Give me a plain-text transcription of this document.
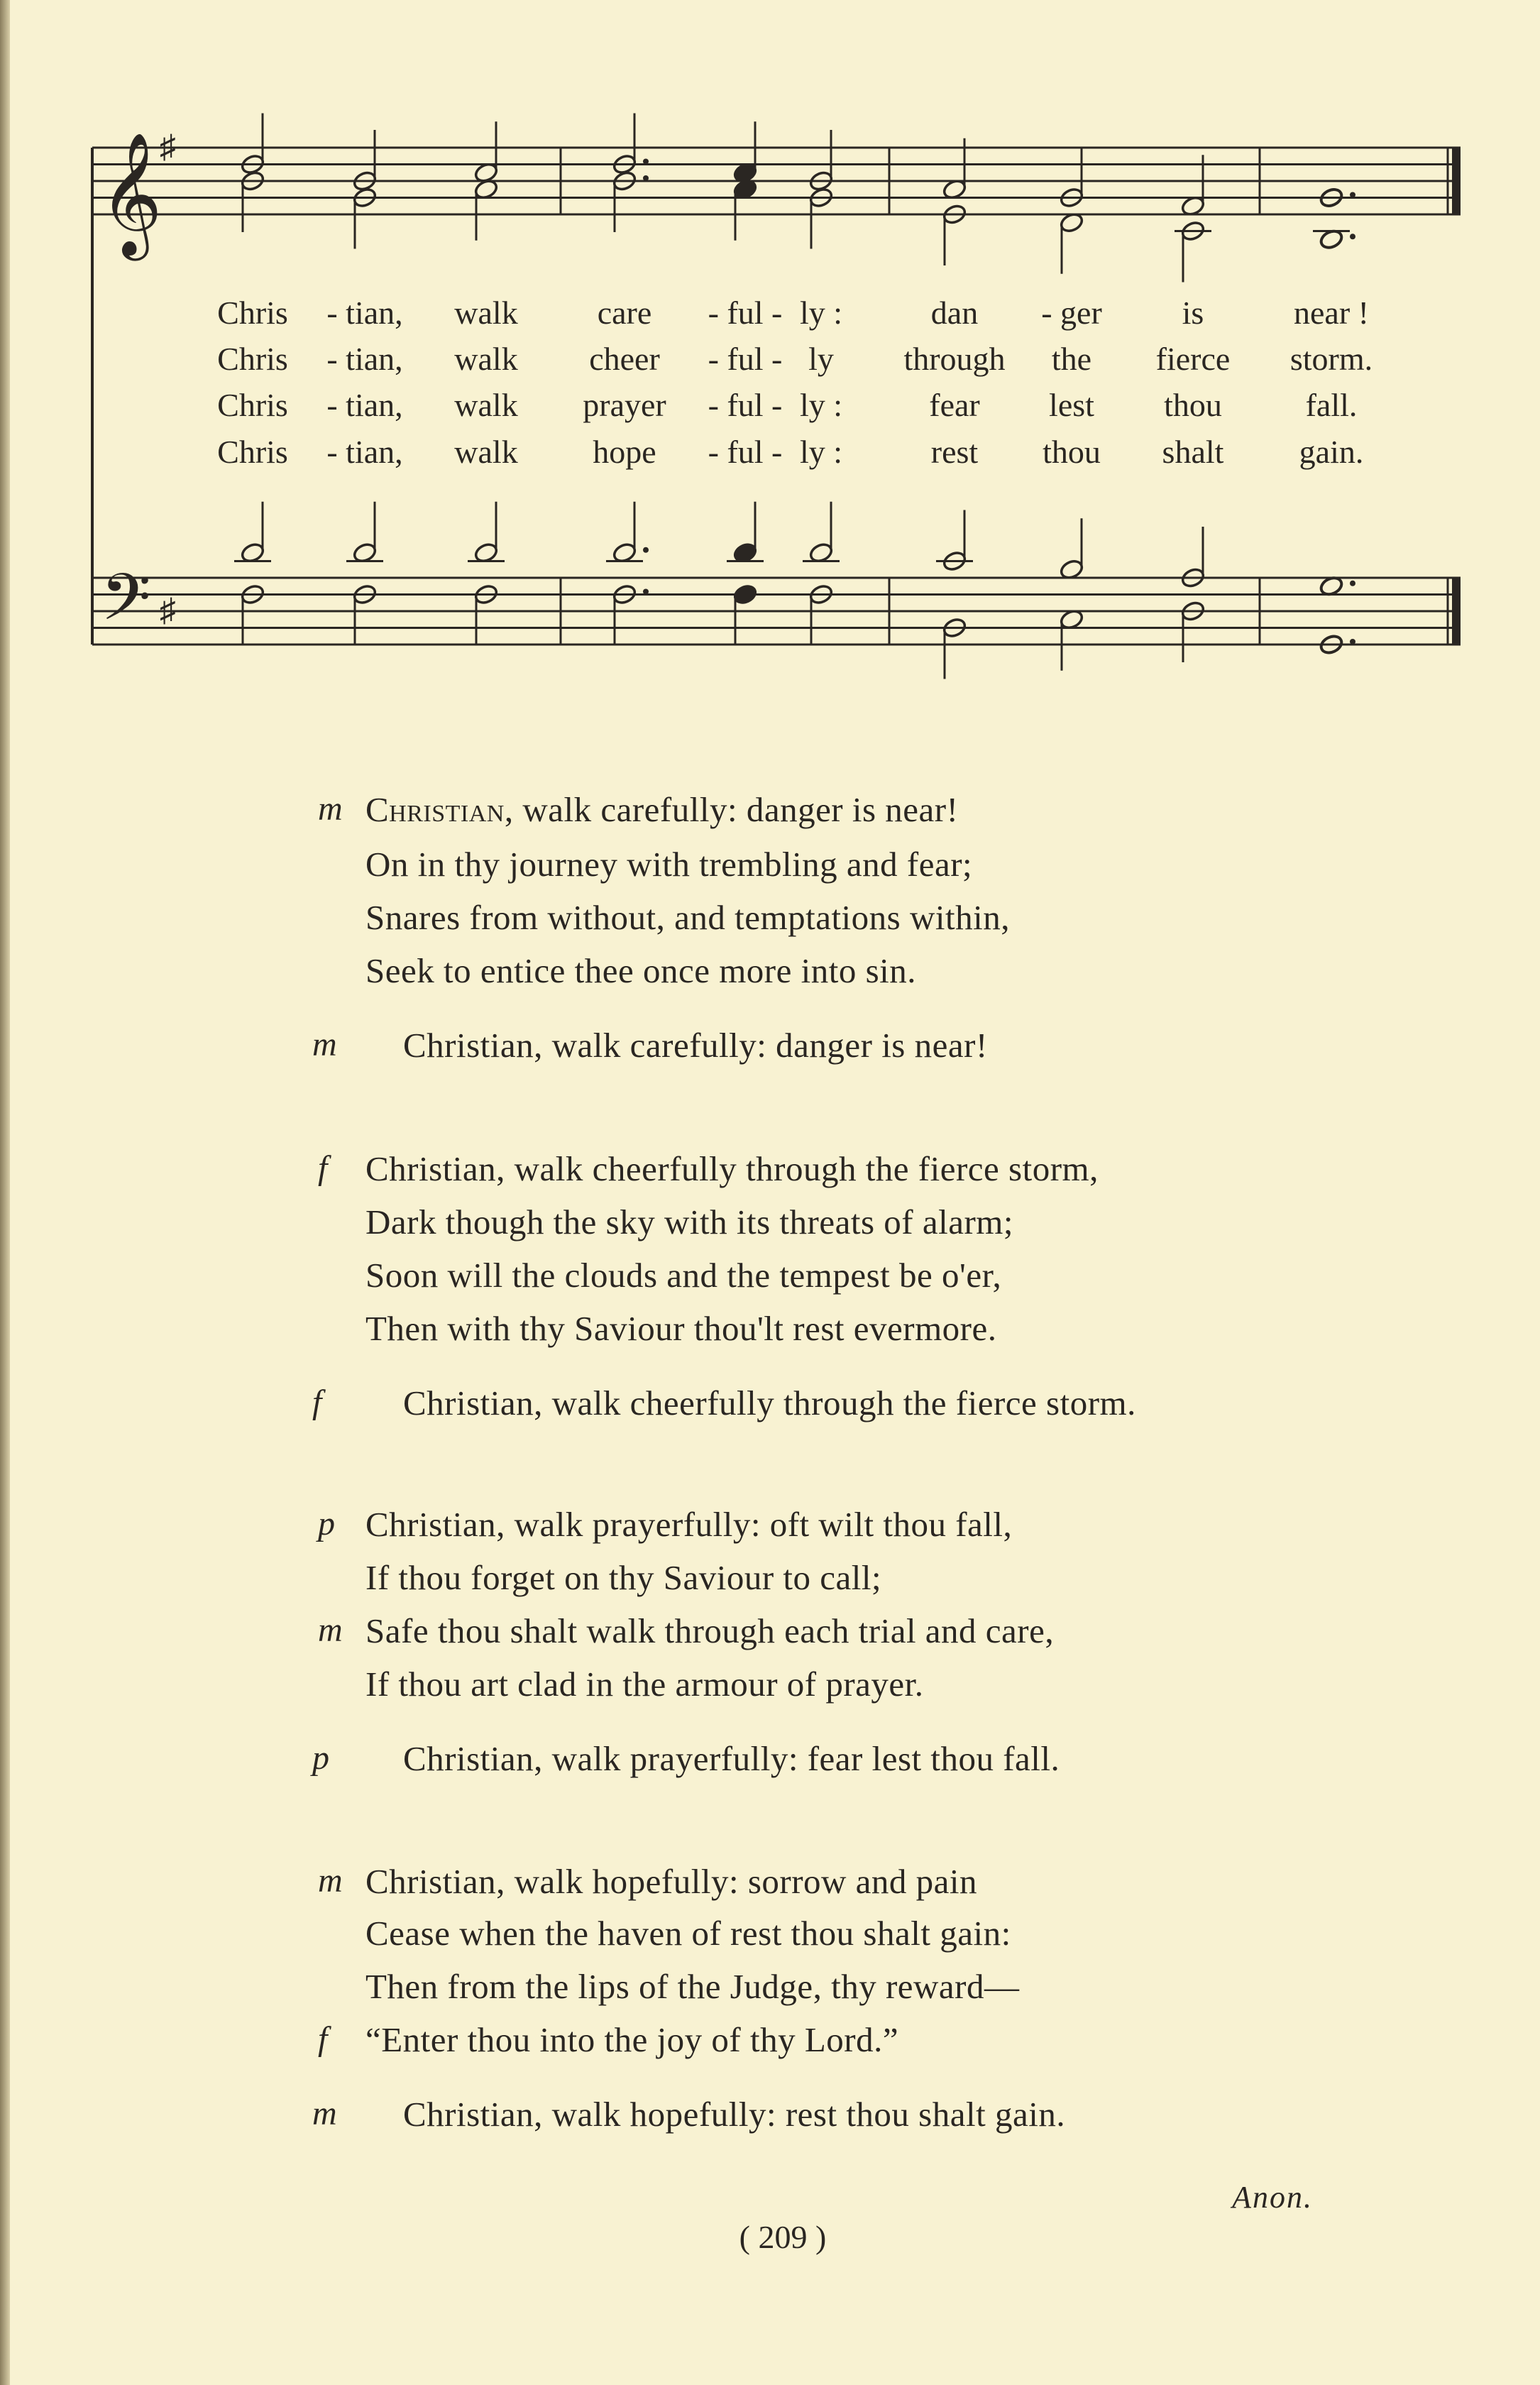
𝄞
𝄢
♯
♯
Chris - tian, walk care - ful - ly :	dan - ger is	near !
Chris - tian, walk cheer - ful - ly through the fierce storm.
Chris - tian, walk prayer - ful - ly :	fear lest thou	fall.
Chris - tian, walk hope - ful - ly :	rest thou shalt gain.
m Christian, walk carefully: danger is near!
On in thy journey with trembling and fear;
Snares from without, and temptations within,
Seek to entice thee once more into sin.
m Christian, walk carefully: danger is near!
f Christian, walk cheerfully through the fierce storm,
Dark though the sky with its threats of alarm;
Soon will the clouds and the tempest be o'er,
Then with thy Saviour thou'lt rest evermore.
f Christian, walk cheerfully through the fierce storm.
p Christian, walk prayerfully: oft wilt thou fall,
If thou forget on thy Saviour to call;
m Safe thou shalt walk through each trial and care,
If thou art clad in the armour of prayer.
p Christian, walk prayerfully: fear lest thou fall.
m Christian, walk hopefully: sorrow and pain
Cease when the haven of rest thou shalt gain:
Then from the lips of the Judge, thy reward—
f “Enter thou into the joy of thy Lord.”
m Christian, walk hopefully: rest thou shalt gain.
Anon.
( 209 )
